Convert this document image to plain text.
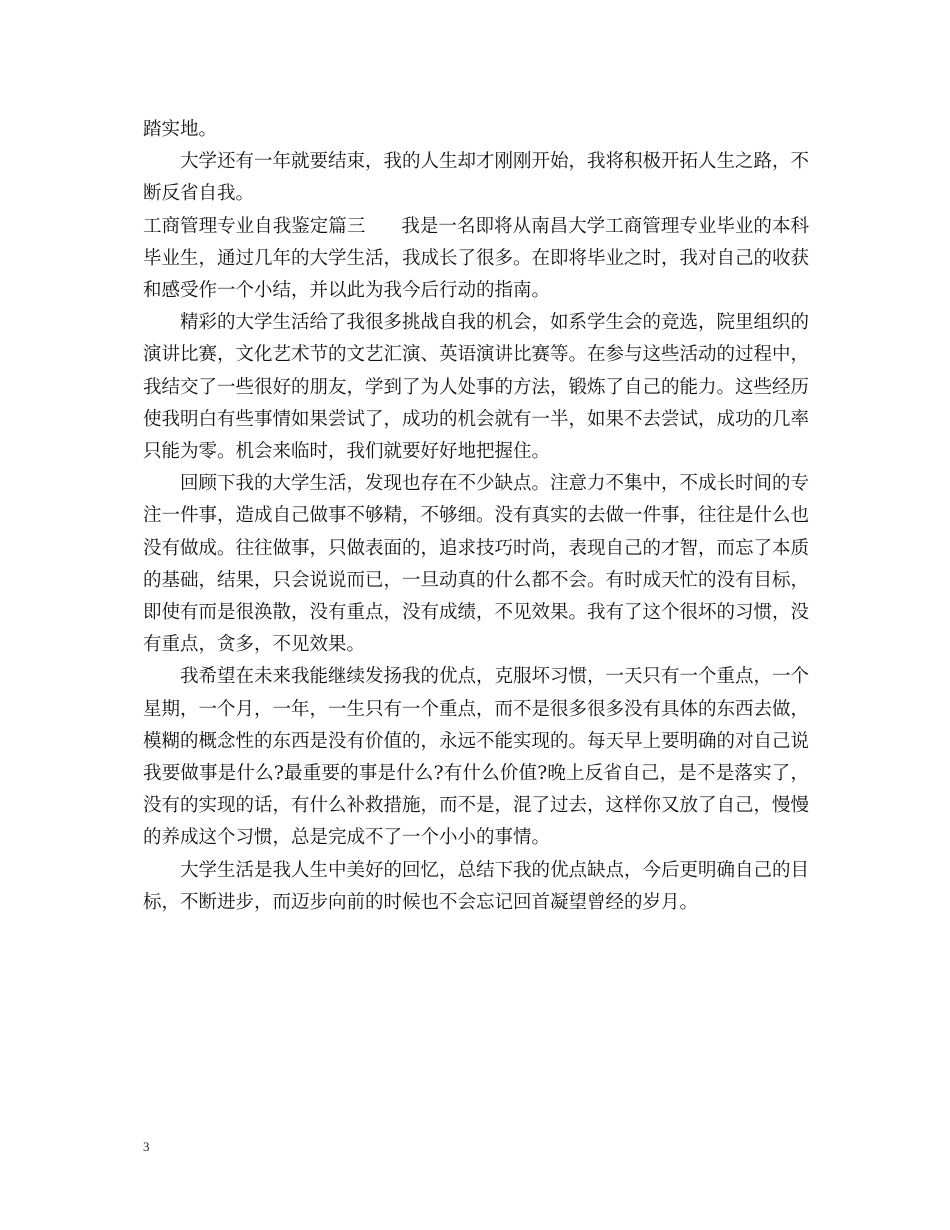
踏实地。

大学还有一年就要结束，我的人生却才刚刚开始，我将积极开拓人生之路，不断反省自我。

工商管理专业自我鉴定篇三 我是一名即将从南昌大学工商管理专业毕业的本科毕业生，通过几年的大学生活，我成长了很多。在即将毕业之时，我对自己的收获和感受作一个小结，并以此为我今后行动的指南。

精彩的大学生活给了我很多挑战自我的机会，如系学生会的竞选，院里组织的演讲比赛，文化艺术节的文艺汇演、英语演讲比赛等。在参与这些活动的过程中，我结交了一些很好的朋友，学到了为人处事的方法，锻炼了自己的能力。这些经历使我明白有些事情如果尝试了，成功的机会就有一半，如果不去尝试，成功的几率只能为零。机会来临时，我们就要好好地把握住。

回顾下我的大学生活，发现也存在不少缺点。注意力不集中，不成长时间的专注一件事，造成自己做事不够精，不够细。没有真实的去做一件事，往往是什么也没有做成。往往做事，只做表面的，追求技巧时尚，表现自己的才智，而忘了本质的基础，结果，只会说说而已，一旦动真的什么都不会。有时成天忙的没有目标，即使有而是很涣散，没有重点，没有成绩，不见效果。我有了这个很坏的习惯，没有重点，贪多，不见效果。

我希望在未来我能继续发扬我的优点，克服坏习惯，一天只有一个重点，一个星期，一个月，一年，一生只有一个重点，而不是很多很多没有具体的东西去做，模糊的概念性的东西是没有价值的，永远不能实现的。每天早上要明确的对自己说我要做事是什么?最重要的事是什么?有什么价值?晚上反省自己，是不是落实了，没有的实现的话，有什么补救措施，而不是，混了过去，这样你又放了自己，慢慢的养成这个习惯，总是完成不了一个小小的事情。

大学生活是我人生中美好的回忆，总结下我的优点缺点，今后更明确自己的目标，不断进步，而迈步向前的时候也不会忘记回首凝望曾经的岁月。

3
